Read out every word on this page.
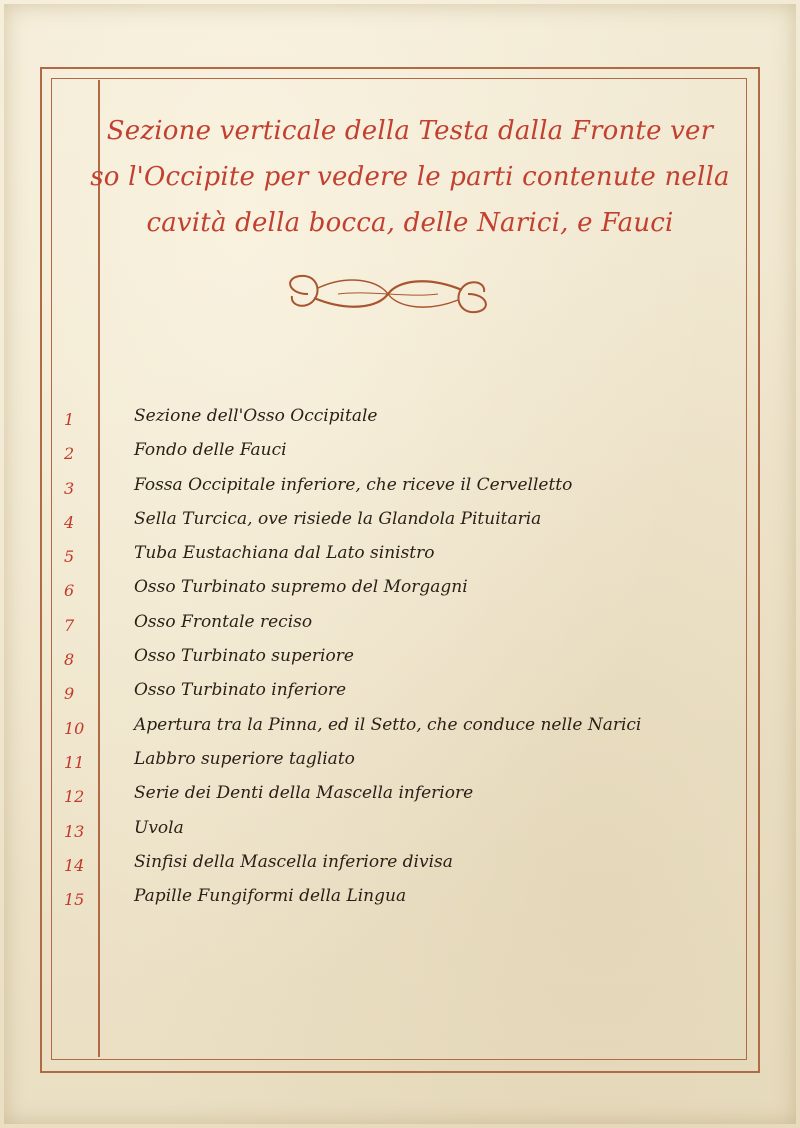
Sezione verticale della Testa dalla Fronte ver
so l'Occipite per vedere le parti contenute nella
cavità della bocca, delle Narici, e Fauci
1	Sezione dell'Osso Occipitale
2	Fondo delle Fauci
3	Fossa Occipitale inferiore, che riceve il Cervelletto
4	Sella Turcica, ove risiede la Glandola Pituitaria
5	Tuba Eustachiana dal Lato sinistro
6	Osso Turbinato supremo del Morgagni
7	Osso Frontale reciso
8	Osso Turbinato superiore
9	Osso Turbinato inferiore
10	Apertura tra la Pinna, ed il Setto, che conduce nelle Narici
11	Labbro superiore tagliato
12	Serie dei Denti della Mascella inferiore
13	Uvola
14	Sinfisi della Mascella inferiore divisa
15	Papille Fungiformi della Lingua
